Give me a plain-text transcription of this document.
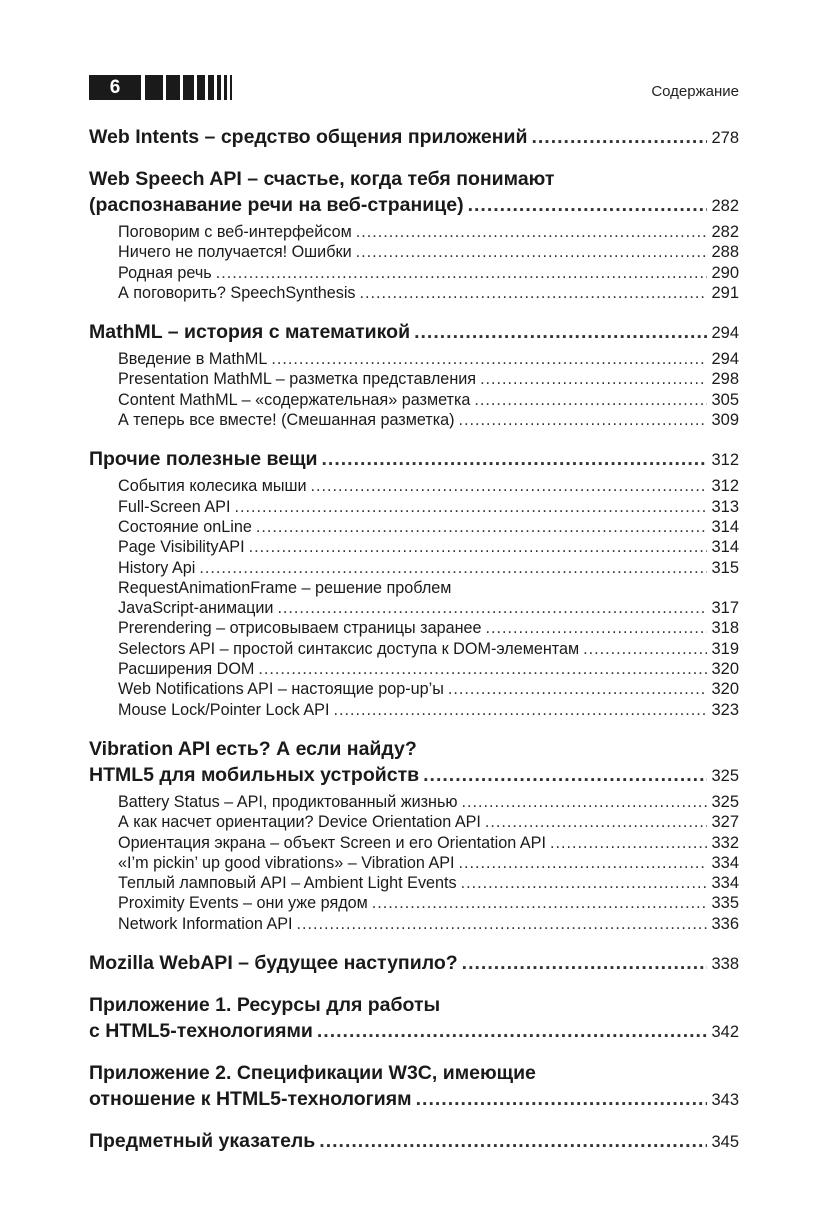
6	Содержание
Web Intents – средство общения приложений .....	278
Web Speech API – счастье, когда тебя понимают
(распознавание речи на веб-странице) .....	282
Поговорим с веб-интерфейсом .....	282
Ничего не получается! Ошибки .....	288
Родная речь .....	290
А поговорить? SpeechSynthesis .....	291
MathML – история с математикой .....	294
Введение в MathML .....	294
Presentation MathML – разметка представления .....	298
Content MathML – «содержательная» разметка .....	305
А теперь все вместе! (Смешанная разметка) .....	309
Прочие полезные вещи .....	312
События колесика мыши .....	312
Full-Screen API .....	313
Состояние onLine .....	314
Page VisibilityAPI .....	314
History Api .....	315
RequestAnimationFrame – решение проблем
JavaScript-анимации .....	317
Prerendering – отрисовываем страницы заранее .....	318
Selectors API – простой синтаксис доступа к DOM-элементам .....	319
Расширения DOM .....	320
Web Notifications API – настоящие pop-up’ы .....	320
Mouse Lock/Pointer Lock API .....	323
Vibration API есть? А если найду?
HTML5 для мобильных устройств .....	325
Battery Status – API, продиктованный жизнью .....	325
А как насчет ориентации? Device Orientation API .....	327
Ориентация экрана – объект Screen и его Orientation API .....	332
«I’m pickin’ up good vibrations» – Vibration API .....	334
Теплый ламповый API – Ambient Light Events .....	334
Proximity Events – они уже рядом .....	335
Network Information API .....	336
Mozilla WebAPI – будущее наступило? .....	338
Приложение 1. Ресурсы для работы
с HTML5-технологиями .....	342
Приложение 2. Спецификации W3C, имеющие
отношение к HTML5-технологиям .....	343
Предметный указатель .....	345
